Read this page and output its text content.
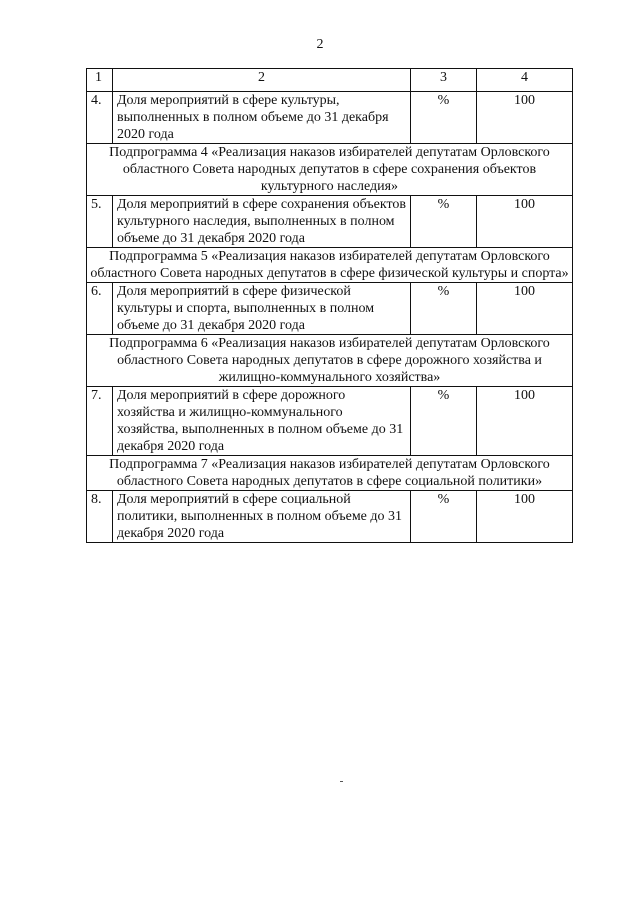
2
1	2	3	4
4.	Доля мероприятий в сфере культуры, выполненных в полном объеме до 31 декабря 2020 года	%	100
Подпрограмма 4 «Реализация наказов избирателей депутатам Орловского областного Совета народных депутатов в сфере сохранения объектов культурного наследия»			
5.	Доля мероприятий в сфере сохранения объектов культурного наследия, выполненных в полном объеме до 31 декабря 2020 года	%	100
Подпрограмма 5 «Реализация наказов избирателей депутатам Орловского областного Совета народных депутатов в сфере физической культуры и спорта»			
6.	Доля мероприятий в сфере физической культуры и спорта, выполненных в полном объеме до 31 декабря 2020 года	%	100
Подпрограмма 6 «Реализация наказов избирателей депутатам Орловского областного Совета народных депутатов в сфере дорожного хозяйства и жилищно-коммунального хозяйства»			
7.	Доля мероприятий в сфере дорожного хозяйства и жилищно-коммунального хозяйства, выполненных в полном объеме до 31 декабря 2020 года	%	100
Подпрограмма 7 «Реализация наказов избирателей депутатам Орловского областного Совета народных депутатов в сфере социальной политики»			
8.	Доля мероприятий в сфере социальной политики, выполненных в полном объеме до 31 декабря 2020 года	%	100
